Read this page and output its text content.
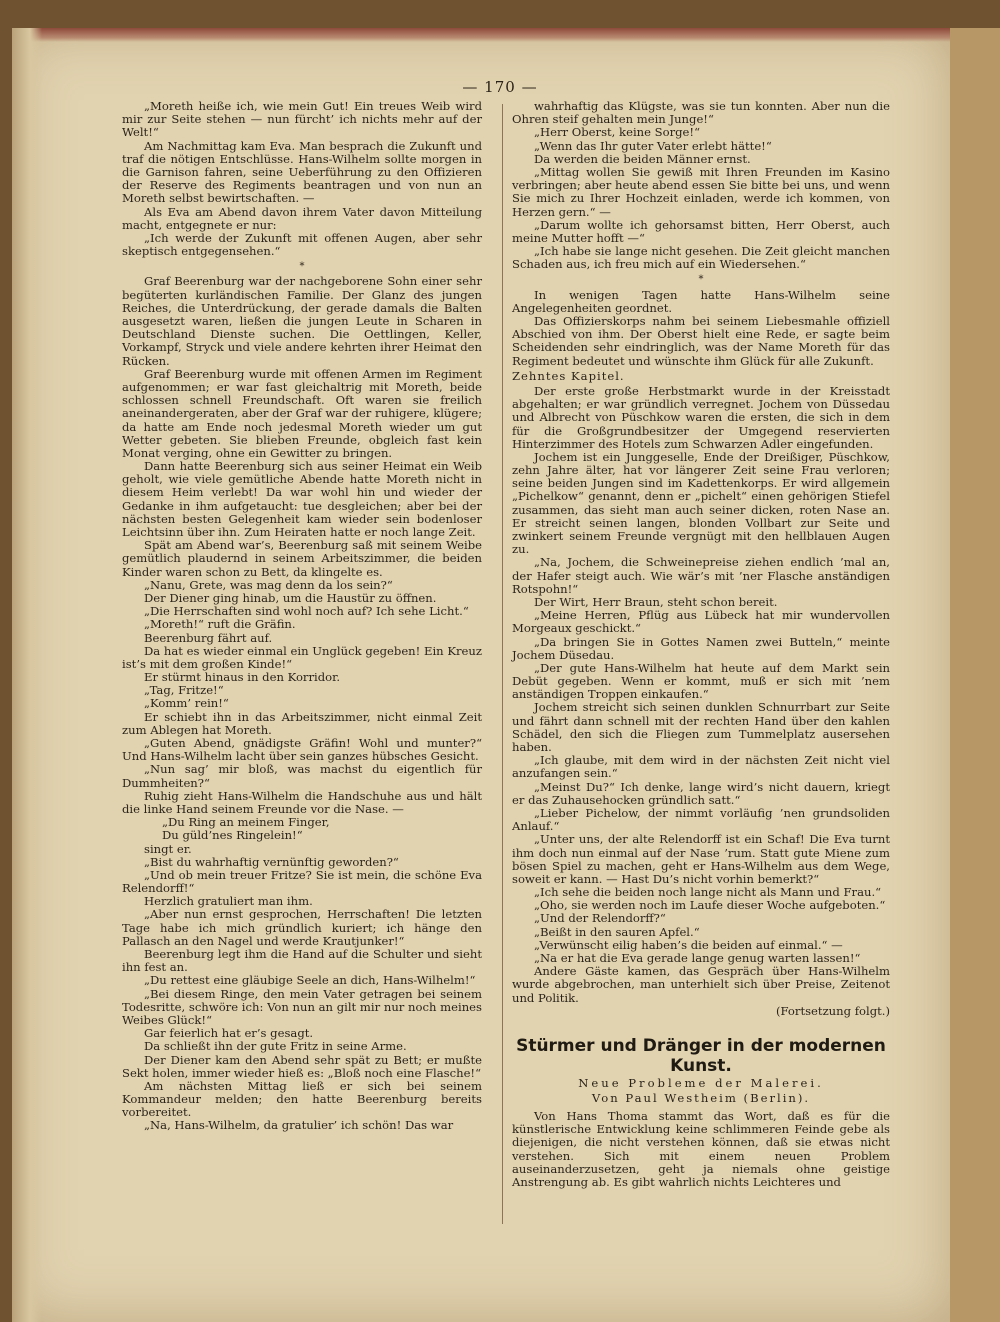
— 170 —

„Moreth heiße ich, wie mein Gut! Ein treues Weib wird mir zur Seite stehen — nun fürcht’ ich nichts mehr auf der Welt!“

Am Nachmittag kam Eva. Man besprach die Zukunft und traf die nötigen Entschlüsse. Hans-Wilhelm sollte morgen in die Garnison fahren, seine Ueberführung zu den Offizieren der Reserve des Regiments beantragen und von nun an Moreth selbst bewirtschaften. —

Als Eva am Abend davon ihrem Vater davon Mitteilung macht, entgegnete er nur:

„Ich werde der Zukunft mit offenen Augen, aber sehr skeptisch entgegensehen.“

*

Graf Beerenburg war der nachgeborene Sohn einer sehr begüterten kurländischen Familie. Der Glanz des jungen Reiches, die Unterdrückung, der gerade damals die Balten ausgesetzt waren, ließen die jungen Leute in Scharen in Deutschland Dienste suchen. Die Oettlingen, Keller, Vorkampf, Stryck und viele andere kehrten ihrer Heimat den Rücken.

Graf Beerenburg wurde mit offenen Armen im Regiment aufgenommen; er war fast gleichaltrig mit Moreth, beide schlossen schnell Freundschaft. Oft waren sie freilich aneinandergeraten, aber der Graf war der ruhigere, klügere; da hatte am Ende noch jedesmal Moreth wieder um gut Wetter gebeten. Sie blieben Freunde, obgleich fast kein Monat verging, ohne ein Gewitter zu bringen.

Dann hatte Beerenburg sich aus seiner Heimat ein Weib geholt, wie viele gemütliche Abende hatte Moreth nicht in diesem Heim verlebt! Da war wohl hin und wieder der Gedanke in ihm aufgetaucht: tue desgleichen; aber bei der nächsten besten Gelegenheit kam wieder sein bodenloser Leichtsinn über ihn. Zum Heiraten hatte er noch lange Zeit.

Spät am Abend war’s, Beerenburg saß mit seinem Weibe gemütlich plaudernd in seinem Arbeitszimmer, die beiden Kinder waren schon zu Bett, da klingelte es.

„Nanu, Grete, was mag denn da los sein?“

Der Diener ging hinab, um die Haustür zu öffnen.

„Die Herrschaften sind wohl noch auf? Ich sehe Licht.“

„Moreth!“ ruft die Gräfin.

Beerenburg fährt auf.

Da hat es wieder einmal ein Unglück gegeben! Ein Kreuz ist’s mit dem großen Kinde!“

Er stürmt hinaus in den Korridor.

„Tag, Fritze!“

„Komm’ rein!“

Er schiebt ihn in das Arbeitszimmer, nicht einmal Zeit zum Ablegen hat Moreth.

„Guten Abend, gnädigste Gräfin! Wohl und munter?“ Und Hans-Wilhelm lacht über sein ganzes hübsches Gesicht.

„Nun sag’ mir bloß, was machst du eigentlich für Dummheiten?“

Ruhig zieht Hans-Wilhelm die Handschuhe aus und hält die linke Hand seinem Freunde vor die Nase. —

„Du Ring an meinem Finger,

Du güld’nes Ringelein!“

singt er.

„Bist du wahrhaftig vernünftig geworden?“

„Und ob mein treuer Fritze? Sie ist mein, die schöne Eva Relendorff!“

Herzlich gratuliert man ihm.

„Aber nun ernst gesprochen, Herrschaften! Die letzten Tage habe ich mich gründlich kuriert; ich hänge den Pallasch an den Nagel und werde Krautjunker!“

Beerenburg legt ihm die Hand auf die Schulter und sieht ihn fest an.

„Du rettest eine gläubige Seele an dich, Hans-Wilhelm!“

„Bei diesem Ringe, den mein Vater getragen bei seinem Todesritte, schwöre ich: Von nun an gilt mir nur noch meines Weibes Glück!“

Gar feierlich hat er’s gesagt.

Da schließt ihn der gute Fritz in seine Arme.

Der Diener kam den Abend sehr spät zu Bett; er mußte Sekt holen, immer wieder hieß es: „Bloß noch eine Flasche!“

Am nächsten Mittag ließ er sich bei seinem Kommandeur melden; den hatte Beerenburg bereits vorbereitet.

„Na, Hans-Wilhelm, da gratulier’ ich schön! Das war

wahrhaftig das Klügste, was sie tun konnten. Aber nun die Ohren steif gehalten mein Junge!“

„Herr Oberst, keine Sorge!“

„Wenn das Ihr guter Vater erlebt hätte!“

Da werden die beiden Männer ernst.

„Mittag wollen Sie gewiß mit Ihren Freunden im Kasino verbringen; aber heute abend essen Sie bitte bei uns, und wenn Sie mich zu Ihrer Hochzeit einladen, werde ich kommen, von Herzen gern.“ —

„Darum wollte ich gehorsamst bitten, Herr Oberst, auch meine Mutter hofft —“

„Ich habe sie lange nicht gesehen. Die Zeit gleicht manchen Schaden aus, ich freu mich auf ein Wiedersehen.“

*

In wenigen Tagen hatte Hans-Wilhelm seine Angelegenheiten geordnet.

Das Offizierskorps nahm bei seinem Liebesmahle offiziell Abschied von ihm. Der Oberst hielt eine Rede, er sagte beim Scheidenden sehr eindringlich, was der Name Moreth für das Regiment bedeutet und wünschte ihm Glück für alle Zukunft.

Zehntes Kapitel.

Der erste große Herbstmarkt wurde in der Kreisstadt abgehalten; er war gründlich verregnet. Jochem von Düssedau und Albrecht von Püschkow waren die ersten, die sich in dem für die Großgrundbesitzer der Umgegend reservierten Hinterzimmer des Hotels zum Schwarzen Adler eingefunden.

Jochem ist ein Junggeselle, Ende der Dreißiger, Püschkow, zehn Jahre älter, hat vor längerer Zeit seine Frau verloren; seine beiden Jungen sind im Kadettenkorps. Er wird allgemein „Pichelkow“ genannt, denn er „pichelt“ einen gehörigen Stiefel zusammen, das sieht man auch seiner dicken, roten Nase an. Er streicht seinen langen, blonden Vollbart zur Seite und zwinkert seinem Freunde vergnügt mit den hellblauen Augen zu.

„Na, Jochem, die Schweinepreise ziehen endlich ’mal an, der Hafer steigt auch. Wie wär’s mit ’ner Flasche anständigen Rotspohn!“

Der Wirt, Herr Braun, steht schon bereit.

„Meine Herren, Pflüg aus Lübeck hat mir wundervollen Morgeaux geschickt.“

„Da bringen Sie in Gottes Namen zwei Butteln,“ meinte Jochem Düsedau.

„Der gute Hans-Wilhelm hat heute auf dem Markt sein Debüt gegeben. Wenn er kommt, muß er sich mit ’nem anständigen Troppen einkaufen.“

Jochem streicht sich seinen dunklen Schnurrbart zur Seite und fährt dann schnell mit der rechten Hand über den kahlen Schädel, den sich die Fliegen zum Tummelplatz ausersehen haben.

„Ich glaube, mit dem wird in der nächsten Zeit nicht viel anzufangen sein.“

„Meinst Du?“ Ich denke, lange wird’s nicht dauern, kriegt er das Zuhausehocken gründlich satt.“

„Lieber Pichelow, der nimmt vorläufig ’nen grundsoliden Anlauf.“

„Unter uns, der alte Relendorff ist ein Schaf! Die Eva turnt ihm doch nun einmal auf der Nase ’rum. Statt gute Miene zum bösen Spiel zu machen, geht er Hans-Wilhelm aus dem Wege, soweit er kann. — Hast Du’s nicht vorhin bemerkt?“

„Ich sehe die beiden noch lange nicht als Mann und Frau.“

„Oho, sie werden noch im Laufe dieser Woche aufgeboten.“

„Und der Relendorff?“

„Beißt in den sauren Apfel.“

„Verwünscht eilig haben’s die beiden auf einmal.“ —

„Na er hat die Eva gerade lange genug warten lassen!“

Andere Gäste kamen, das Gespräch über Hans-Wilhelm wurde abgebrochen, man unterhielt sich über Preise, Zeitenot und Politik.

(Fortsetzung folgt.)

Stürmer und Dränger in der modernen Kunst.
Neue Probleme der Malerei.
Von Paul Westheim (Berlin).

Von Hans Thoma stammt das Wort, daß es für die künstlerische Entwicklung keine schlimmeren Feinde gebe als diejenigen, die nicht verstehen können, daß sie etwas nicht verstehen. Sich mit einem neuen Problem auseinanderzusetzen, geht ja niemals ohne geistige Anstrengung ab. Es gibt wahrlich nichts Leichteres und
